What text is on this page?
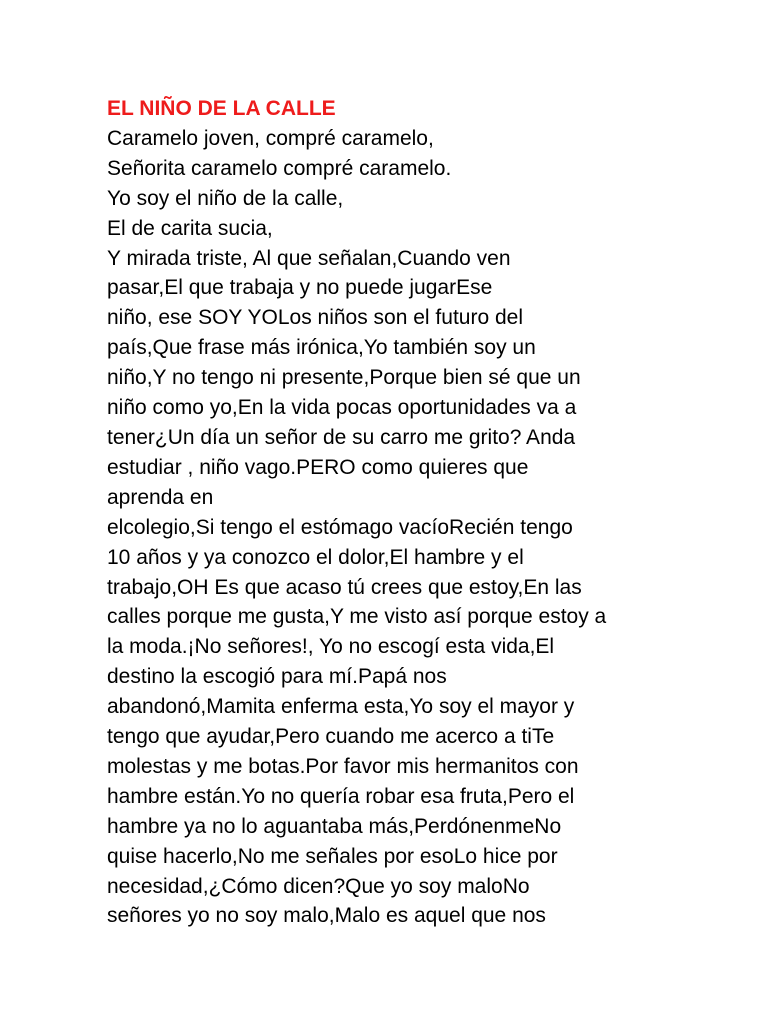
EL NIÑO DE LA CALLE
Caramelo joven, compré caramelo,
Señorita caramelo compré caramelo.
Yo soy el niño de la calle,
El de carita sucia,
Y mirada triste, Al que señalan,Cuando ven
pasar,El que trabaja y no puede jugarEse
niño, ese SOY YOLos niños son el futuro del
país,Que frase más irónica,Yo también soy un
niño,Y no tengo ni presente,Porque bien sé que un
niño como yo,En la vida pocas oportunidades va a
tener¿Un día un señor de su carro me grito? Anda
estudiar , niño vago.PERO como quieres que
aprenda en
elcolegio,Si tengo el estómago vacíoRecién tengo
10 años y ya conozco el dolor,El hambre y el
trabajo,OH Es que acaso tú crees que estoy,En las
calles porque me gusta,Y me visto así porque estoy a
la moda.¡No señores!, Yo no escogí esta vida,El
destino la escogió para mí.Papá nos
abandonó,Mamita enferma esta,Yo soy el mayor y
tengo que ayudar,Pero cuando me acerco a tiTe
molestas y me botas.Por favor mis hermanitos con
hambre están.Yo no quería robar esa fruta,Pero el
hambre ya no lo aguantaba más,PerdónenmeNo
quise hacerlo,No me señales por esoLo hice por
necesidad,¿Cómo dicen?Que yo soy maloNo
señores yo no soy malo,Malo es aquel que nos
